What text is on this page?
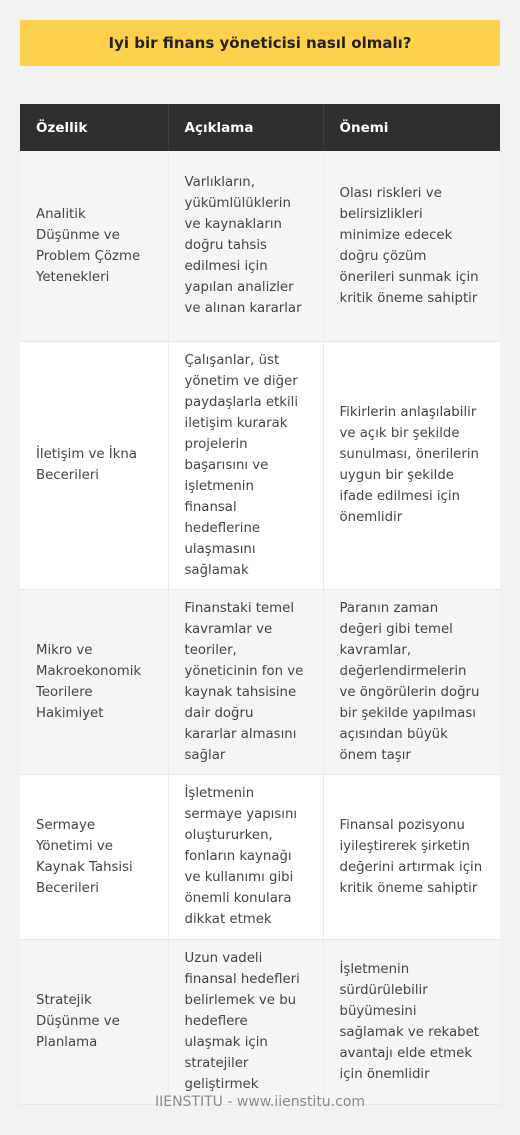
Iyi bir finans yöneticisi nasıl olmalı?
Özellik	Açıklama	Önemi
Analitik Düşünme ve Problem Çözme Yetenekleri	Varlıkların, yükümlülüklerin ve kaynakların doğru tahsis edilmesi için yapılan analizler ve alınan kararlar	Olası riskleri ve belirsizlikleri minimize edecek doğru çözüm önerileri sunmak için kritik öneme sahiptir
İletişim ve İkna Becerileri	Çalışanlar, üst yönetim ve diğer paydaşlarla etkili iletişim kurarak projelerin başarısını ve işletmenin finansal hedeflerine ulaşmasını sağlamak	Fikirlerin anlaşılabilir ve açık bir şekilde sunulması, önerilerin uygun bir şekilde ifade edilmesi için önemlidir
Mikro ve Makroekonomik Teorilere Hakimiyet	Finanstaki temel kavramlar ve teoriler, yöneticinin fon ve kaynak tahsisine dair doğru kararlar almasını sağlar	Paranın zaman değeri gibi temel kavramlar, değerlendirmelerin ve öngörülerin doğru bir şekilde yapılması açısından büyük önem taşır
Sermaye Yönetimi ve Kaynak Tahsisi Becerileri	İşletmenin sermaye yapısını oluştururken, fonların kaynağı ve kullanımı gibi önemli konulara dikkat etmek	Finansal pozisyonu iyileştirerek şirketin değerini artırmak için kritik öneme sahiptir
Stratejik Düşünme ve Planlama	Uzun vadeli finansal hedefleri belirlemek ve bu hedeflere ulaşmak için stratejiler geliştirmek	İşletmenin sürdürülebilir büyümesini sağlamak ve rekabet avantajı elde etmek için önemlidir
IIENSTITU - www.iienstitu.com
